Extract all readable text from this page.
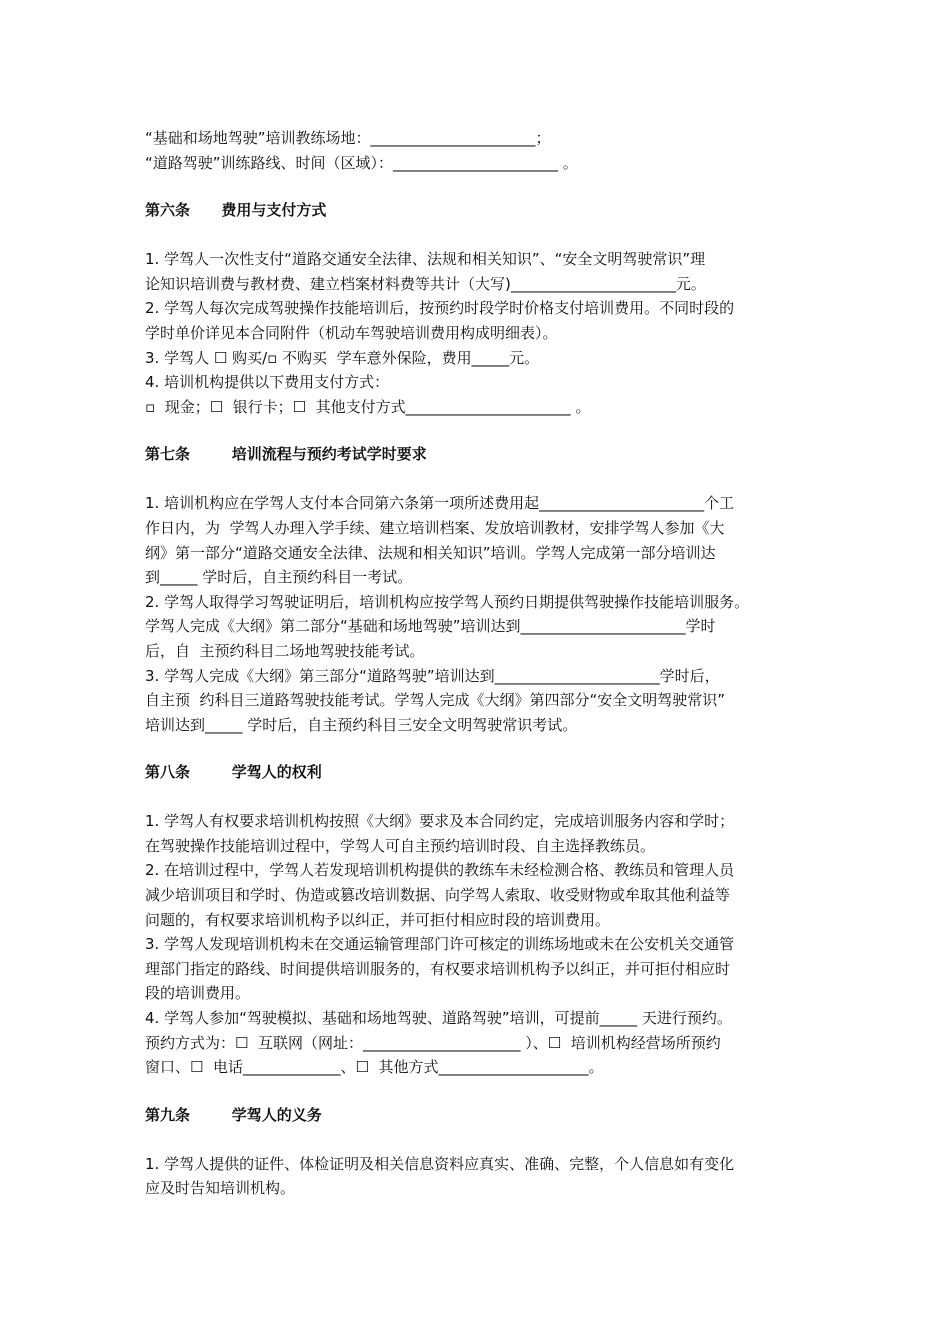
“基础和场地驾驶”培训教练场地：______________________；

“道路驾驶”训练路线、时间（区域）：______________________ 。

第六条      费用与支付方式

1. 学驾人一次性支付“道路交通安全法律、法规和相关知识”、“安全文明驾驶常识”理

论知识培训费与教材费、建立档案材料费等共计（大写)______________________元。

2. 学驾人每次完成驾驶操作技能培训后，按预约时段学时价格支付培训费用。不同时段的

学时单价详见本合同附件（机动车驾驶培训费用构成明细表）。

3. 学驾人 ☐ 购买/▫ 不购买  学车意外保险，费用_____元。

4. 培训机构提供以下费用支付方式：

▫  现金；☐  银行卡；☐  其他支付方式______________________ 。

第七条        培训流程与预约考试学时要求

1. 培训机构应在学驾人支付本合同第六条第一项所述费用起______________________个工

作日内，为  学驾人办理入学手续、建立培训档案、发放培训教材，安排学驾人参加《大

纲》第一部分“道路交通安全法律、法规和相关知识”培训。学驾人完成第一部分培训达

到_____ 学时后，自主预约科目一考试。

2. 学驾人取得学习驾驶证明后，培训机构应按学驾人预约日期提供驾驶操作技能培训服务。

学驾人完成《大纲》第二部分“基础和场地驾驶”培训达到______________________学时

后，自  主预约科目二场地驾驶技能考试。

3. 学驾人完成《大纲》第三部分“道路驾驶”培训达到______________________学时后，

自主预  约科目三道路驾驶技能考试。学驾人完成《大纲》第四部分“安全文明驾驶常识”

培训达到_____ 学时后，自主预约科目三安全文明驾驶常识考试。

第八条        学驾人的权利

1. 学驾人有权要求培训机构按照《大纲》要求及本合同约定，完成培训服务内容和学时；

在驾驶操作技能培训过程中，学驾人可自主预约培训时段、自主选择教练员。

2. 在培训过程中，学驾人若发现培训机构提供的教练车未经检测合格、教练员和管理人员

减少培训项目和学时、伪造或篡改培训数据、向学驾人索取、收受财物或牟取其他利益等

问题的，有权要求培训机构予以纠正，并可拒付相应时段的培训费用。

3. 学驾人发现培训机构未在交通运输管理部门许可核定的训练场地或未在公安机关交通管

理部门指定的路线、时间提供培训服务的，有权要求培训机构予以纠正，并可拒付相应时

段的培训费用。

4. 学驾人参加“驾驶模拟、基础和场地驾驶、道路驾驶”培训，可提前_____ 天进行预约。

预约方式为：☐  互联网（网址：_____________________ ）、☐  培训机构经营场所预约

窗口、☐  电话_____________、☐  其他方式____________________。

第九条        学驾人的义务

1. 学驾人提供的证件、体检证明及相关信息资料应真实、准确、完整，个人信息如有变化

应及时告知培训机构。
